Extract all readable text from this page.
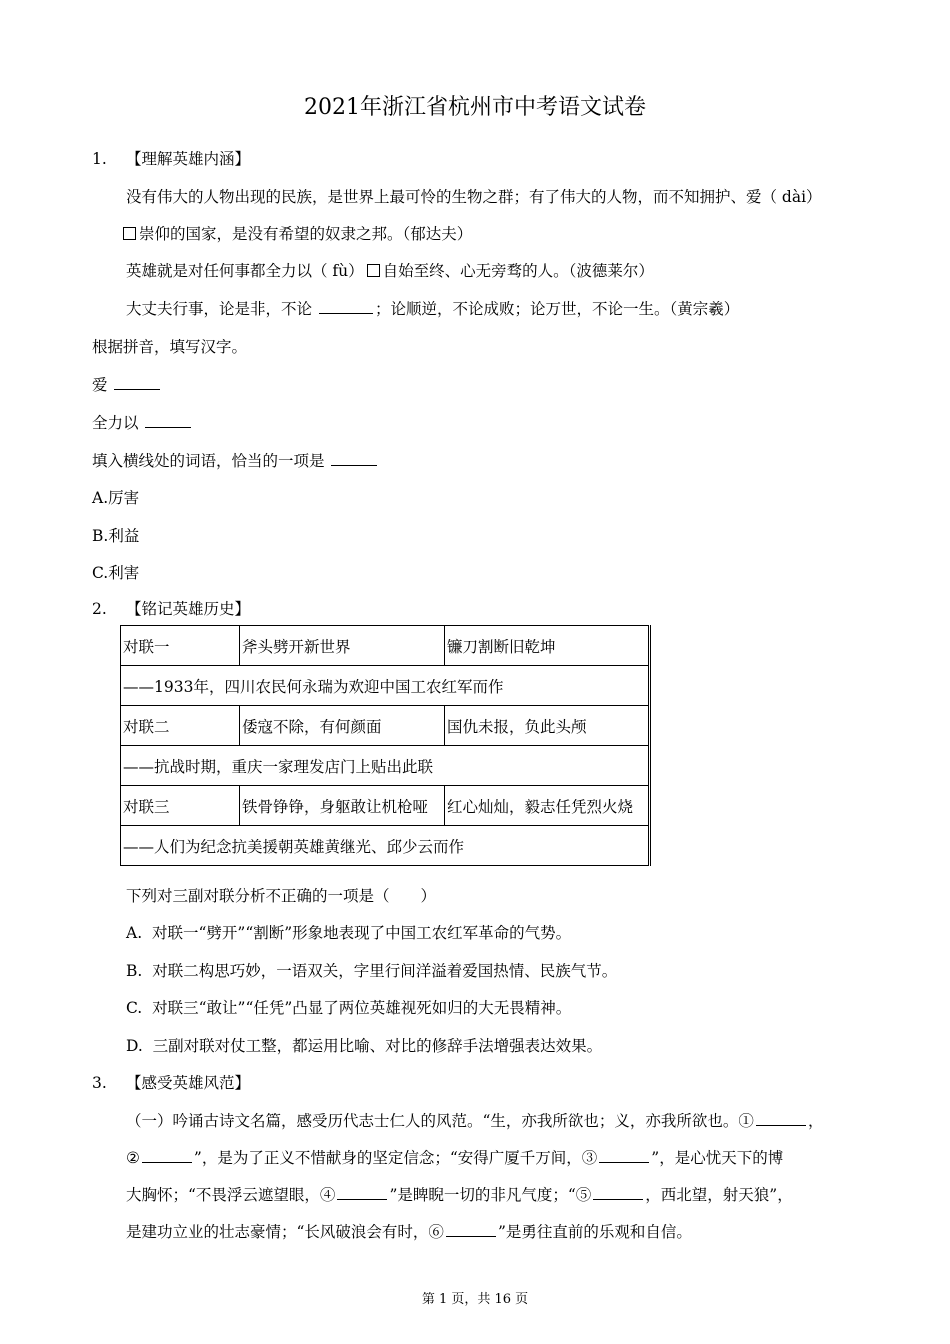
2021年浙江省杭州市中考语文试卷
1. 【理解英雄内涵】
没有伟大的人物出现的民族，是世界上最可怜的生物之群；有了伟大的人物，而不知拥护、爱（ dài）
崇仰的国家，是没有希望的奴隶之邦。（郁达夫）
英雄就是对任何事都全力以（ fù） 自始至终、心无旁骛的人。（波德莱尔）
大丈夫行事，论是非，不论	；论顺逆，不论成败；论万世，不论一生。（黄宗羲）
根据拼音，填写汉字。
爱
全力以
填入横线处的词语，恰当的一项是
A.厉害
B.利益
C.利害
2. 【铭记英雄历史】
对联一	斧头劈开新世界	镰刀割断旧乾坤
——1933年，四川农民何永瑞为欢迎中国工农红军而作		
对联二	倭寇不除，有何颜面	国仇未报，负此头颅
——抗战时期，重庆一家理发店门上贴出此联		
对联三	铁骨铮铮，身躯敢让机枪哑	红心灿灿，毅志任凭烈火烧
——人们为纪念抗美援朝英雄黄继光、邱少云而作		
下列对三副对联分析不正确的一项是（　　）
A. 对联一“劈开”“割断”形象地表现了中国工农红军革命的气势。
B. 对联二构思巧妙，一语双关，字里行间洋溢着爱国热情、民族气节。
C. 对联三“敢让”“任凭”凸显了两位英雄视死如归的大无畏精神。
D. 三副对联对仗工整，都运用比喻、对比的修辞手法增强表达效果。
3. 【感受英雄风范】
（一）吟诵古诗文名篇，感受历代志士仁人的风范。“生，亦我所欲也；义，亦我所欲也。①	，
②	”，是为了正义不惜献身的坚定信念；“安得广厦千万间，③	”，是心忧天下的博
大胸怀；“不畏浮云遮望眼，④	”是睥睨一切的非凡气度；“⑤	，西北望，射天狼”，
是建功立业的壮志豪情；“长风破浪会有时，⑥	”是勇往直前的乐观和自信。
第 1 页，共 16 页
